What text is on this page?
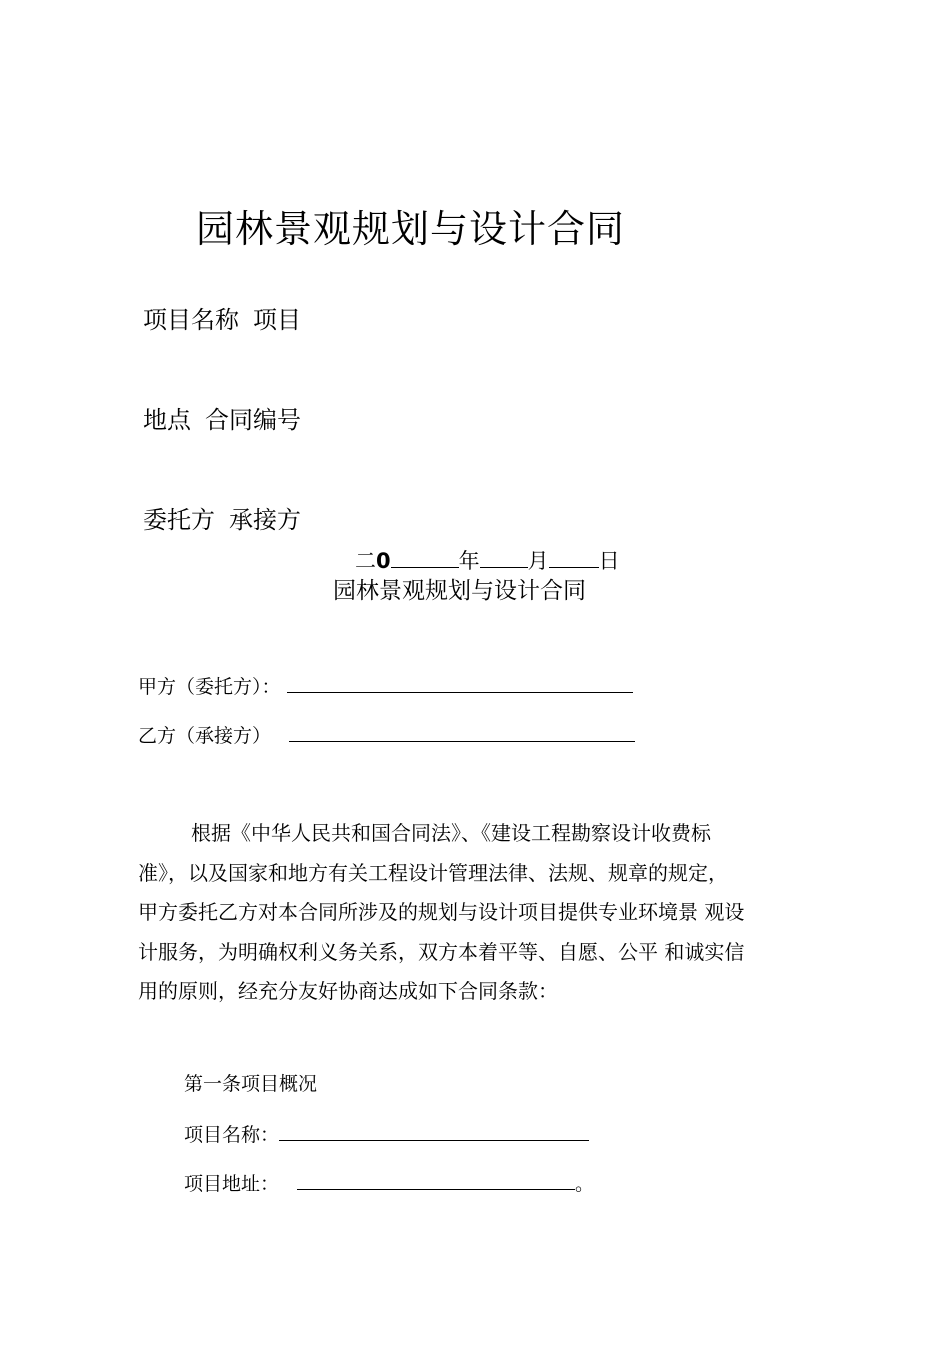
园林景观规划与设计合同
项目名称 项目
地点 合同编号
委托方 承接方
二0	年 月 日
园林景观规划与设计合同
甲方（委托方）：
乙方（承接方）
根据《中华人民共和国合同法》、《建设工程勘察设计收费标
准》，以及国家和地方有关工程设计管理法律、法规、规章的规定，
甲方委托乙方对本合同所涉及的规划与设计项目提供专业环境景 观设
计服务，为明确权利义务关系，双方本着平等、自愿、公平 和诚实信
用的原则，经充分友好协商达成如下合同条款：
第一条项目概况
项目名称：
项目地址：	。
